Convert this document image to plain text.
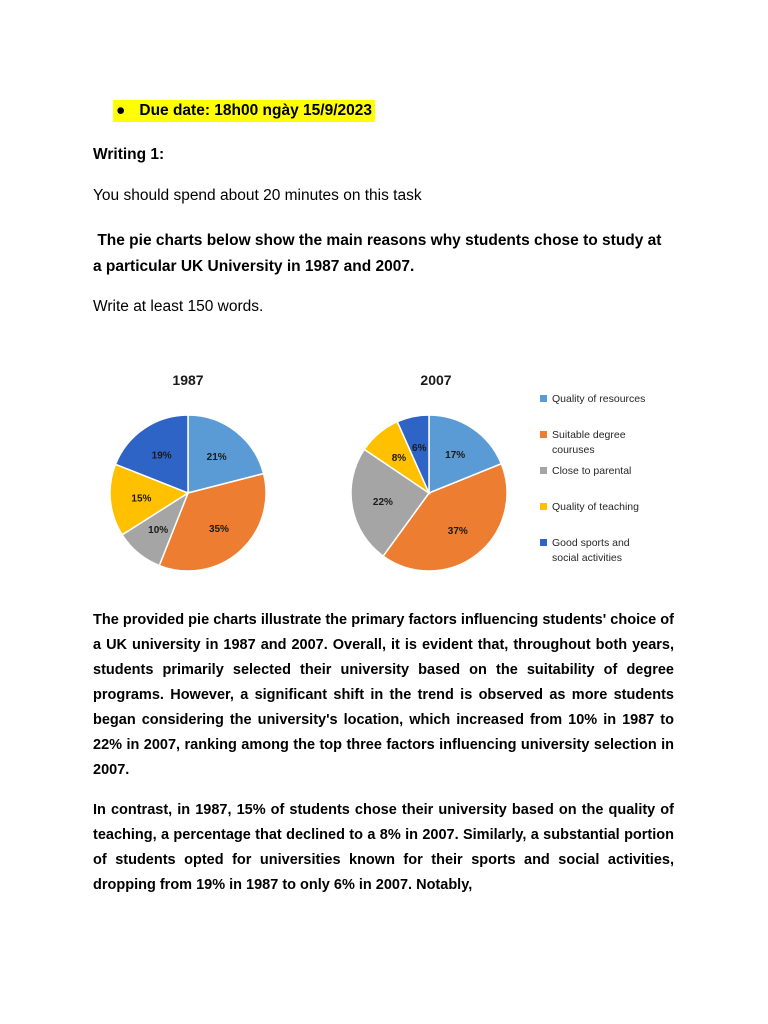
● Due date: 18h00 ngày 15/9/2023
Writing 1:
You should spend about 20 minutes on this task
The pie charts below show the main reasons why students chose to study at a particular UK University in 1987 and 2007.
Write at least 150 words.
1987	2007
21%
35%
10%
15%
19%	17%
37%
22%
8%
6%
Quality of resources
Suitable degree
couruses
Close to parental
Quality of teaching
Good sports and
social activities
The provided pie charts illustrate the primary factors influencing students' choice of a UK university in 1987 and 2007. Overall, it is evident that, throughout both years, students primarily selected their university based on the suitability of degree programs. However, a significant shift in the trend is observed as more students began considering the university's location, which increased from 10% in 1987 to 22% in 2007, ranking among the top three factors influencing university selection in 2007.
In contrast, in 1987, 15% of students chose their university based on the quality of teaching, a percentage that declined to a 8% in 2007. Similarly, a substantial portion of students opted for universities known for their sports and social activities, dropping from 19% in 1987 to only 6% in 2007. Notably,
